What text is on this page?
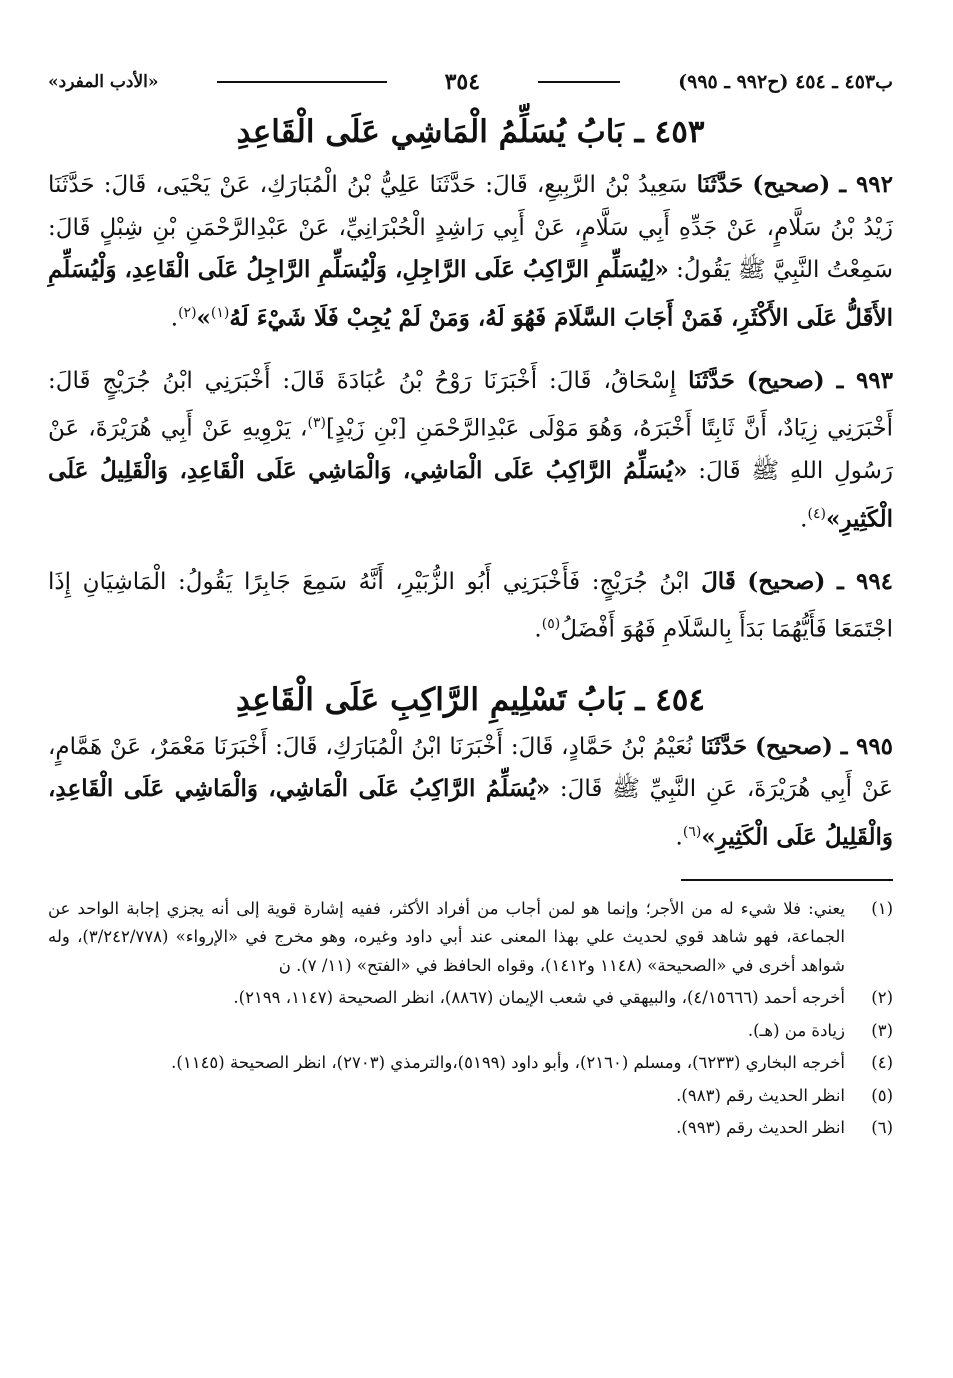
ب٤٥٣ ـ ٤٥٤ (ح٩٩٢ ـ ٩٩٥)
٣٥٤
«الأدب المفرد»
٤٥٣ ـ بَابُ يُسَلِّمُ الْمَاشِي عَلَى الْقَاعِدِ

٩٩٢ ـ (صحيح) حَدَّثَنَا سَعِيدُ بْنُ الرَّبِيعِ، قَالَ: حَدَّثَنَا عَلِيُّ بْنُ الْمُبَارَكِ، عَنْ يَحْيَى، قَالَ: حَدَّثَنَا زَيْدُ بْنُ سَلَّامٍ، عَنْ جَدِّهِ أَبِي سَلَّامٍ، عَنْ أَبِي رَاشِدٍ الْحُبْرَانِيِّ، عَنْ عَبْدِالرَّحْمَنِ بْنِ شِبْلٍ قَالَ: سَمِعْتُ النَّبِيَّ ﷺ يَقُولُ: «لِيُسَلِّمِ الرَّاكِبُ عَلَى الرَّاجِلِ، وَلْيُسَلِّمِ الرَّاجِلُ عَلَى الْقَاعِدِ، وَلْيُسَلِّمِ الأَقَلُّ عَلَى الأَكْثَرِ، فَمَنْ أَجَابَ السَّلَامَ فَهُوَ لَهُ، وَمَنْ لَمْ يُجِبْ فَلَا شَيْءَ لَهُ$^{(١)}$»$^{(٢)}$.

٩٩٣ ـ (صحيح) حَدَّثَنَا إِسْحَاقُ، قَالَ: أَخْبَرَنَا رَوْحُ بْنُ عُبَادَةَ قَالَ: أَخْبَرَنِي ابْنُ جُرَيْجٍ قَالَ: أَخْبَرَنِي زِيَادٌ، أَنَّ ثَابِتًا أَخْبَرَهُ، وَهُوَ مَوْلَى عَبْدِالرَّحْمَنِ [بْنِ زَيْدٍ]$^{(٣)}$، يَرْوِيهِ عَنْ أَبِي هُرَيْرَةَ، عَنْ رَسُولِ اللهِ ﷺ قَالَ: «يُسَلِّمُ الرَّاكِبُ عَلَى الْمَاشِي، وَالْمَاشِي عَلَى الْقَاعِدِ، وَالْقَلِيلُ عَلَى الْكَثِيرِ»$^{(٤)}$.

٩٩٤ ـ (صحيح) قَالَ ابْنُ جُرَيْجٍ: فَأَخْبَرَنِي أَبُو الزُّبَيْرِ، أَنَّهُ سَمِعَ جَابِرًا يَقُولُ: الْمَاشِيَانِ إِذَا اجْتَمَعَا فَأَيُّهُمَا بَدَأَ بِالسَّلَامِ فَهُوَ أَفْضَلُ$^{(٥)}$.

٤٥٤ ـ بَابُ تَسْلِيمِ الرَّاكِبِ عَلَى الْقَاعِدِ

٩٩٥ ـ (صحيح) حَدَّثَنَا نُعَيْمُ بْنُ حَمَّادٍ، قَالَ: أَخْبَرَنَا ابْنُ الْمُبَارَكِ، قَالَ: أَخْبَرَنَا مَعْمَرٌ، عَنْ هَمَّامٍ، عَنْ أَبِي هُرَيْرَةَ، عَنِ النَّبِيِّ ﷺ قَالَ: «يُسَلِّمُ الرَّاكِبُ عَلَى الْمَاشِي، وَالْمَاشِي عَلَى الْقَاعِدِ، وَالْقَلِيلُ عَلَى الْكَثِيرِ»$^{(٦)}$.

(١)
يعني: فلا شيء له من الأجر؛ وإنما هو لمن أجاب من أفراد الأكثر، ففيه إشارة قوية إلى أنه يجزي إجابة الواحد عن الجماعة، فهو شاهد قوي لحديث علي بهذا المعنى عند أبي داود وغيره، وهو مخرج في «الإرواء» (٣/٢٤٢/٧٧٨)، وله شواهد أخرى في «الصحيحة» (١١٤٨ و١٤١٢)، وقواه الحافظ في «الفتح» (١١/ ٧). ن
(٢)
أخرجه أحمد (٤/١٥٦٦٦)، والبيهقي في شعب الإيمان (٨٨٦٧)، انظر الصحيحة (١١٤٧، ٢١٩٩).
(٣)
زيادة من (هـ).
(٤)
أخرجه البخاري (٦٢٣٣)، ومسلم (٢١٦٠)، وأبو داود (٥١٩٩)،والترمذي (٢٧٠٣)، انظر الصحيحة (١١٤٥).
(٥)
انظر الحديث رقم (٩٨٣).
(٦)
انظر الحديث رقم (٩٩٣).
